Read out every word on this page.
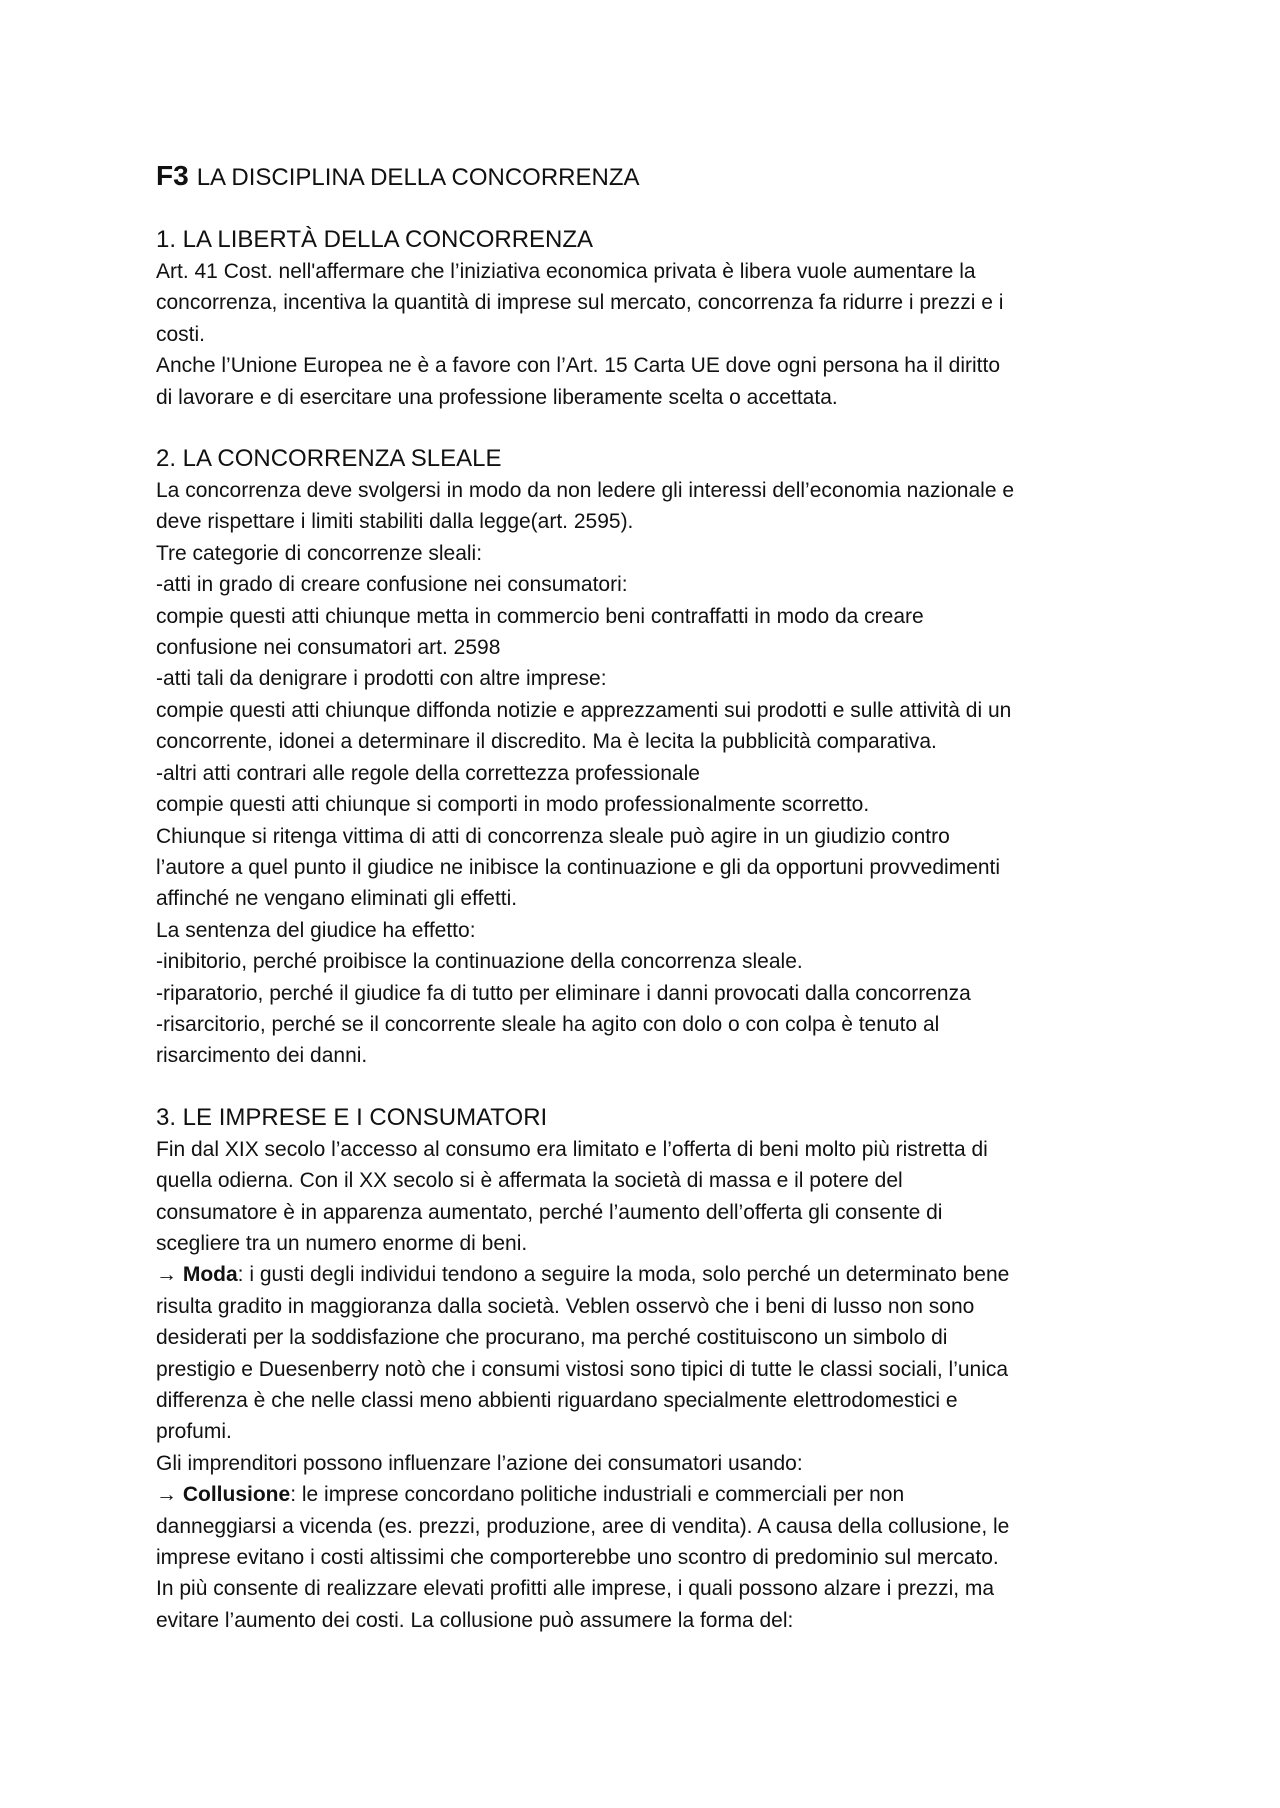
F3 LA DISCIPLINA DELLA CONCORRENZA
1. LA LIBERTÀ DELLA CONCORRENZA

Art. 41 Cost. nell'affermare che l’iniziativa economica privata è libera vuole aumentare la

concorrenza, incentiva la quantità di imprese sul mercato, concorrenza fa ridurre i prezzi e i

costi.

Anche l’Unione Europea ne è a favore con l’Art. 15 Carta UE dove ogni persona ha il diritto

di lavorare e di esercitare una professione liberamente scelta o accettata.

2. LA CONCORRENZA SLEALE

La concorrenza deve svolgersi in modo da non ledere gli interessi dell’economia nazionale e

deve rispettare i limiti stabiliti dalla legge(art. 2595).

Tre categorie di concorrenze sleali:

-atti in grado di creare confusione nei consumatori:

compie questi atti chiunque metta in commercio beni contraffatti in modo da creare

confusione nei consumatori art. 2598

-atti tali da denigrare i prodotti con altre imprese:

compie questi atti chiunque diffonda notizie e apprezzamenti sui prodotti e sulle attività di un

concorrente, idonei a determinare il discredito. Ma è lecita la pubblicità comparativa.

-altri atti contrari alle regole della correttezza professionale

compie questi atti chiunque si comporti in modo professionalmente scorretto.

Chiunque si ritenga vittima di atti di concorrenza sleale può agire in un giudizio contro

l’autore a quel punto il giudice ne inibisce la continuazione e gli da opportuni provvedimenti

affinché ne vengano eliminati gli effetti.

La sentenza del giudice ha effetto:

-inibitorio, perché proibisce la continuazione della concorrenza sleale.

-riparatorio, perché il giudice fa di tutto per eliminare i danni provocati dalla concorrenza

-risarcitorio, perché se il concorrente sleale ha agito con dolo o con colpa è tenuto al

risarcimento dei danni.

3. LE IMPRESE E I CONSUMATORI

Fin dal XIX secolo l’accesso al consumo era limitato e l’offerta di beni molto più ristretta di

quella odierna. Con il XX secolo si è affermata la società di massa e il potere del

consumatore è in apparenza aumentato, perché l’aumento dell’offerta gli consente di

scegliere tra un numero enorme di beni.

→ Moda: i gusti degli individui tendono a seguire la moda, solo perché un determinato bene

risulta gradito in maggioranza dalla società. Veblen osservò che i beni di lusso non sono

desiderati per la soddisfazione che procurano, ma perché costituiscono un simbolo di

prestigio e Duesenberry notò che i consumi vistosi sono tipici di tutte le classi sociali, l’unica

differenza è che nelle classi meno abbienti riguardano specialmente elettrodomestici e

profumi.

Gli imprenditori possono influenzare l’azione dei consumatori usando:

→ Collusione: le imprese concordano politiche industriali e commerciali per non

danneggiarsi a vicenda (es. prezzi, produzione, aree di vendita). A causa della collusione, le

imprese evitano i costi altissimi che comporterebbe uno scontro di predominio sul mercato.

In più consente di realizzare elevati profitti alle imprese, i quali possono alzare i prezzi, ma

evitare l’aumento dei costi. La collusione può assumere la forma del:
